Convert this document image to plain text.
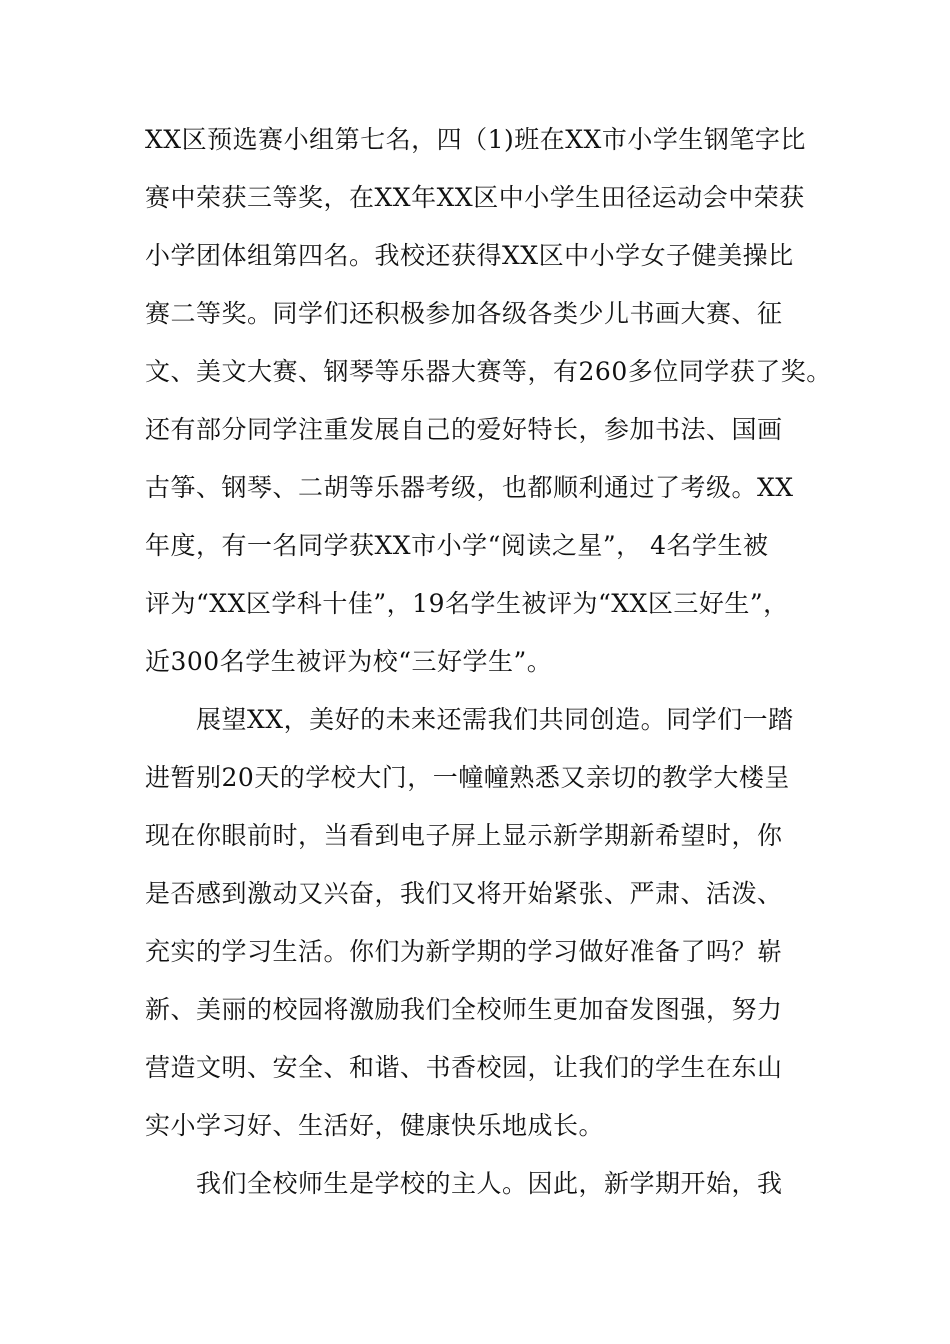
XX区预选赛小组第七名，四（1)班在XX市小学生钢笔字比

赛中荣获三等奖，在XX年XX区中小学生田径运动会中荣获

小学团体组第四名。我校还获得XX区中小学女子健美操比

赛二等奖。同学们还积极参加各级各类少儿书画大赛、征

文、美文大赛、钢琴等乐器大赛等，有260多位同学获了奖。

还有部分同学注重发展自己的爱好特长，参加书法、国画

古筝、钢琴、二胡等乐器考级，也都顺利通过了考级。XX

年度，有一名同学获XX市小学“阅读之星”， 4名学生被

评为“XX区学科十佳”，19名学生被评为“XX区三好生”，

近300名学生被评为校“三好学生”。

展望XX，美好的未来还需我们共同创造。同学们一踏

进暂别20天的学校大门，一幢幢熟悉又亲切的教学大楼呈

现在你眼前时，当看到电子屏上显示新学期新希望时，你

是否感到激动又兴奋，我们又将开始紧张、严肃、活泼、

充实的学习生活。你们为新学期的学习做好准备了吗？崭

新、美丽的校园将激励我们全校师生更加奋发图强，努力

营造文明、安全、和谐、书香校园，让我们的学生在东山

实小学习好、生活好，健康快乐地成长。

我们全校师生是学校的主人。因此，新学期开始，我
